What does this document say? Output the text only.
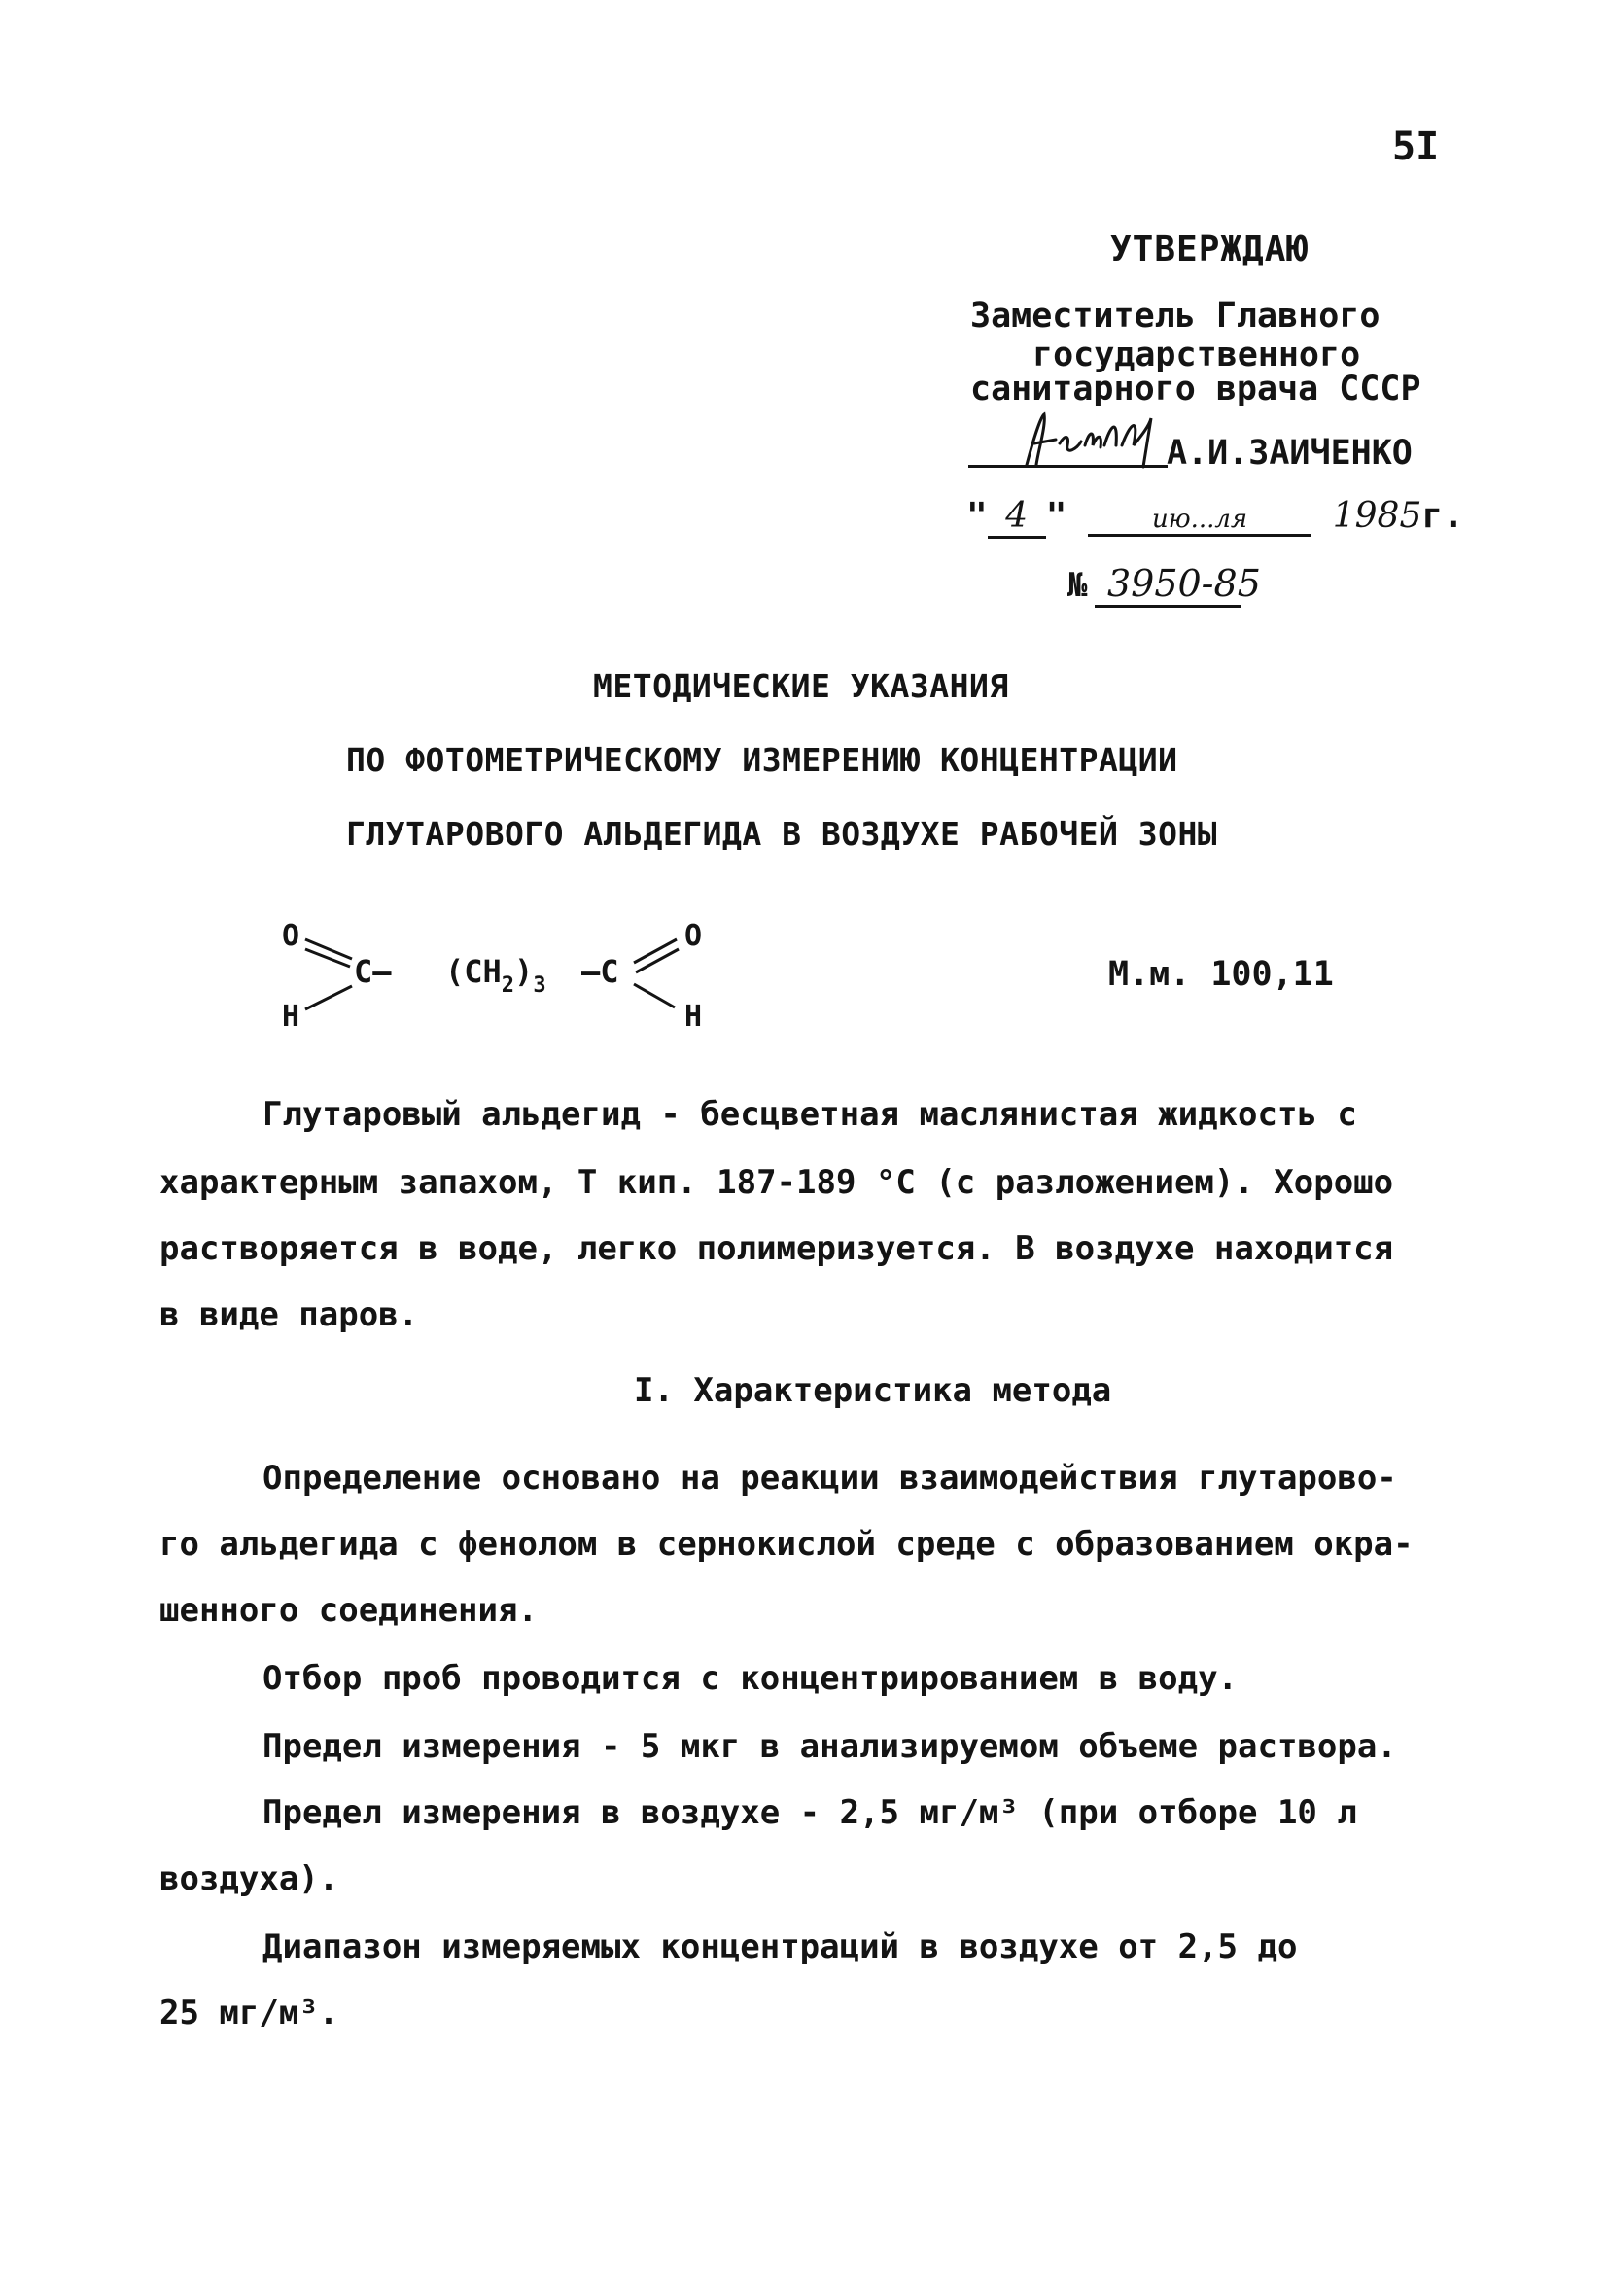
5I
УТВЕРЖДАЮ
Заместитель Главного
государственного
санитарного врача СССР
А.И.ЗАИЧЕНКО
" 4 "	ию...ля 1985г.
№ 3950-85
МЕТОДИЧЕСКИЕ УКАЗАНИЯ
ПО ФОТОМЕТРИЧЕСКОМУ ИЗМЕРЕНИЮ КОНЦЕНТРАЦИИ
ГЛУТАРОВОГО АЛЬДЕГИДА В ВОЗДУХЕ РАБОЧЕЙ ЗОНЫ
O
H
C— $(CH_2)_3$ —C
O
H
М.м. 100,11
Глутаровый альдегид - бесцветная маслянистая жидкость с
характерным запахом, Т кип. 187-189 °С (с разложением). Хорошо
растворяется в воде, легко полимеризуется. В воздухе находится
в виде паров.
I. Характеристика метода
Определение основано на реакции взаимодействия глутарово-
го альдегида с фенолом в сернокислой среде с образованием окра-
шенного соединения.
Отбор проб проводится с концентрированием в воду.
Предел измерения - 5 мкг в анализируемом объеме раствора.
Предел измерения в воздухе - 2,5 мг/м³ (при отборе 10 л
воздуха).
Диапазон измеряемых концентраций в воздухе от 2,5 до
25 мг/м³.
